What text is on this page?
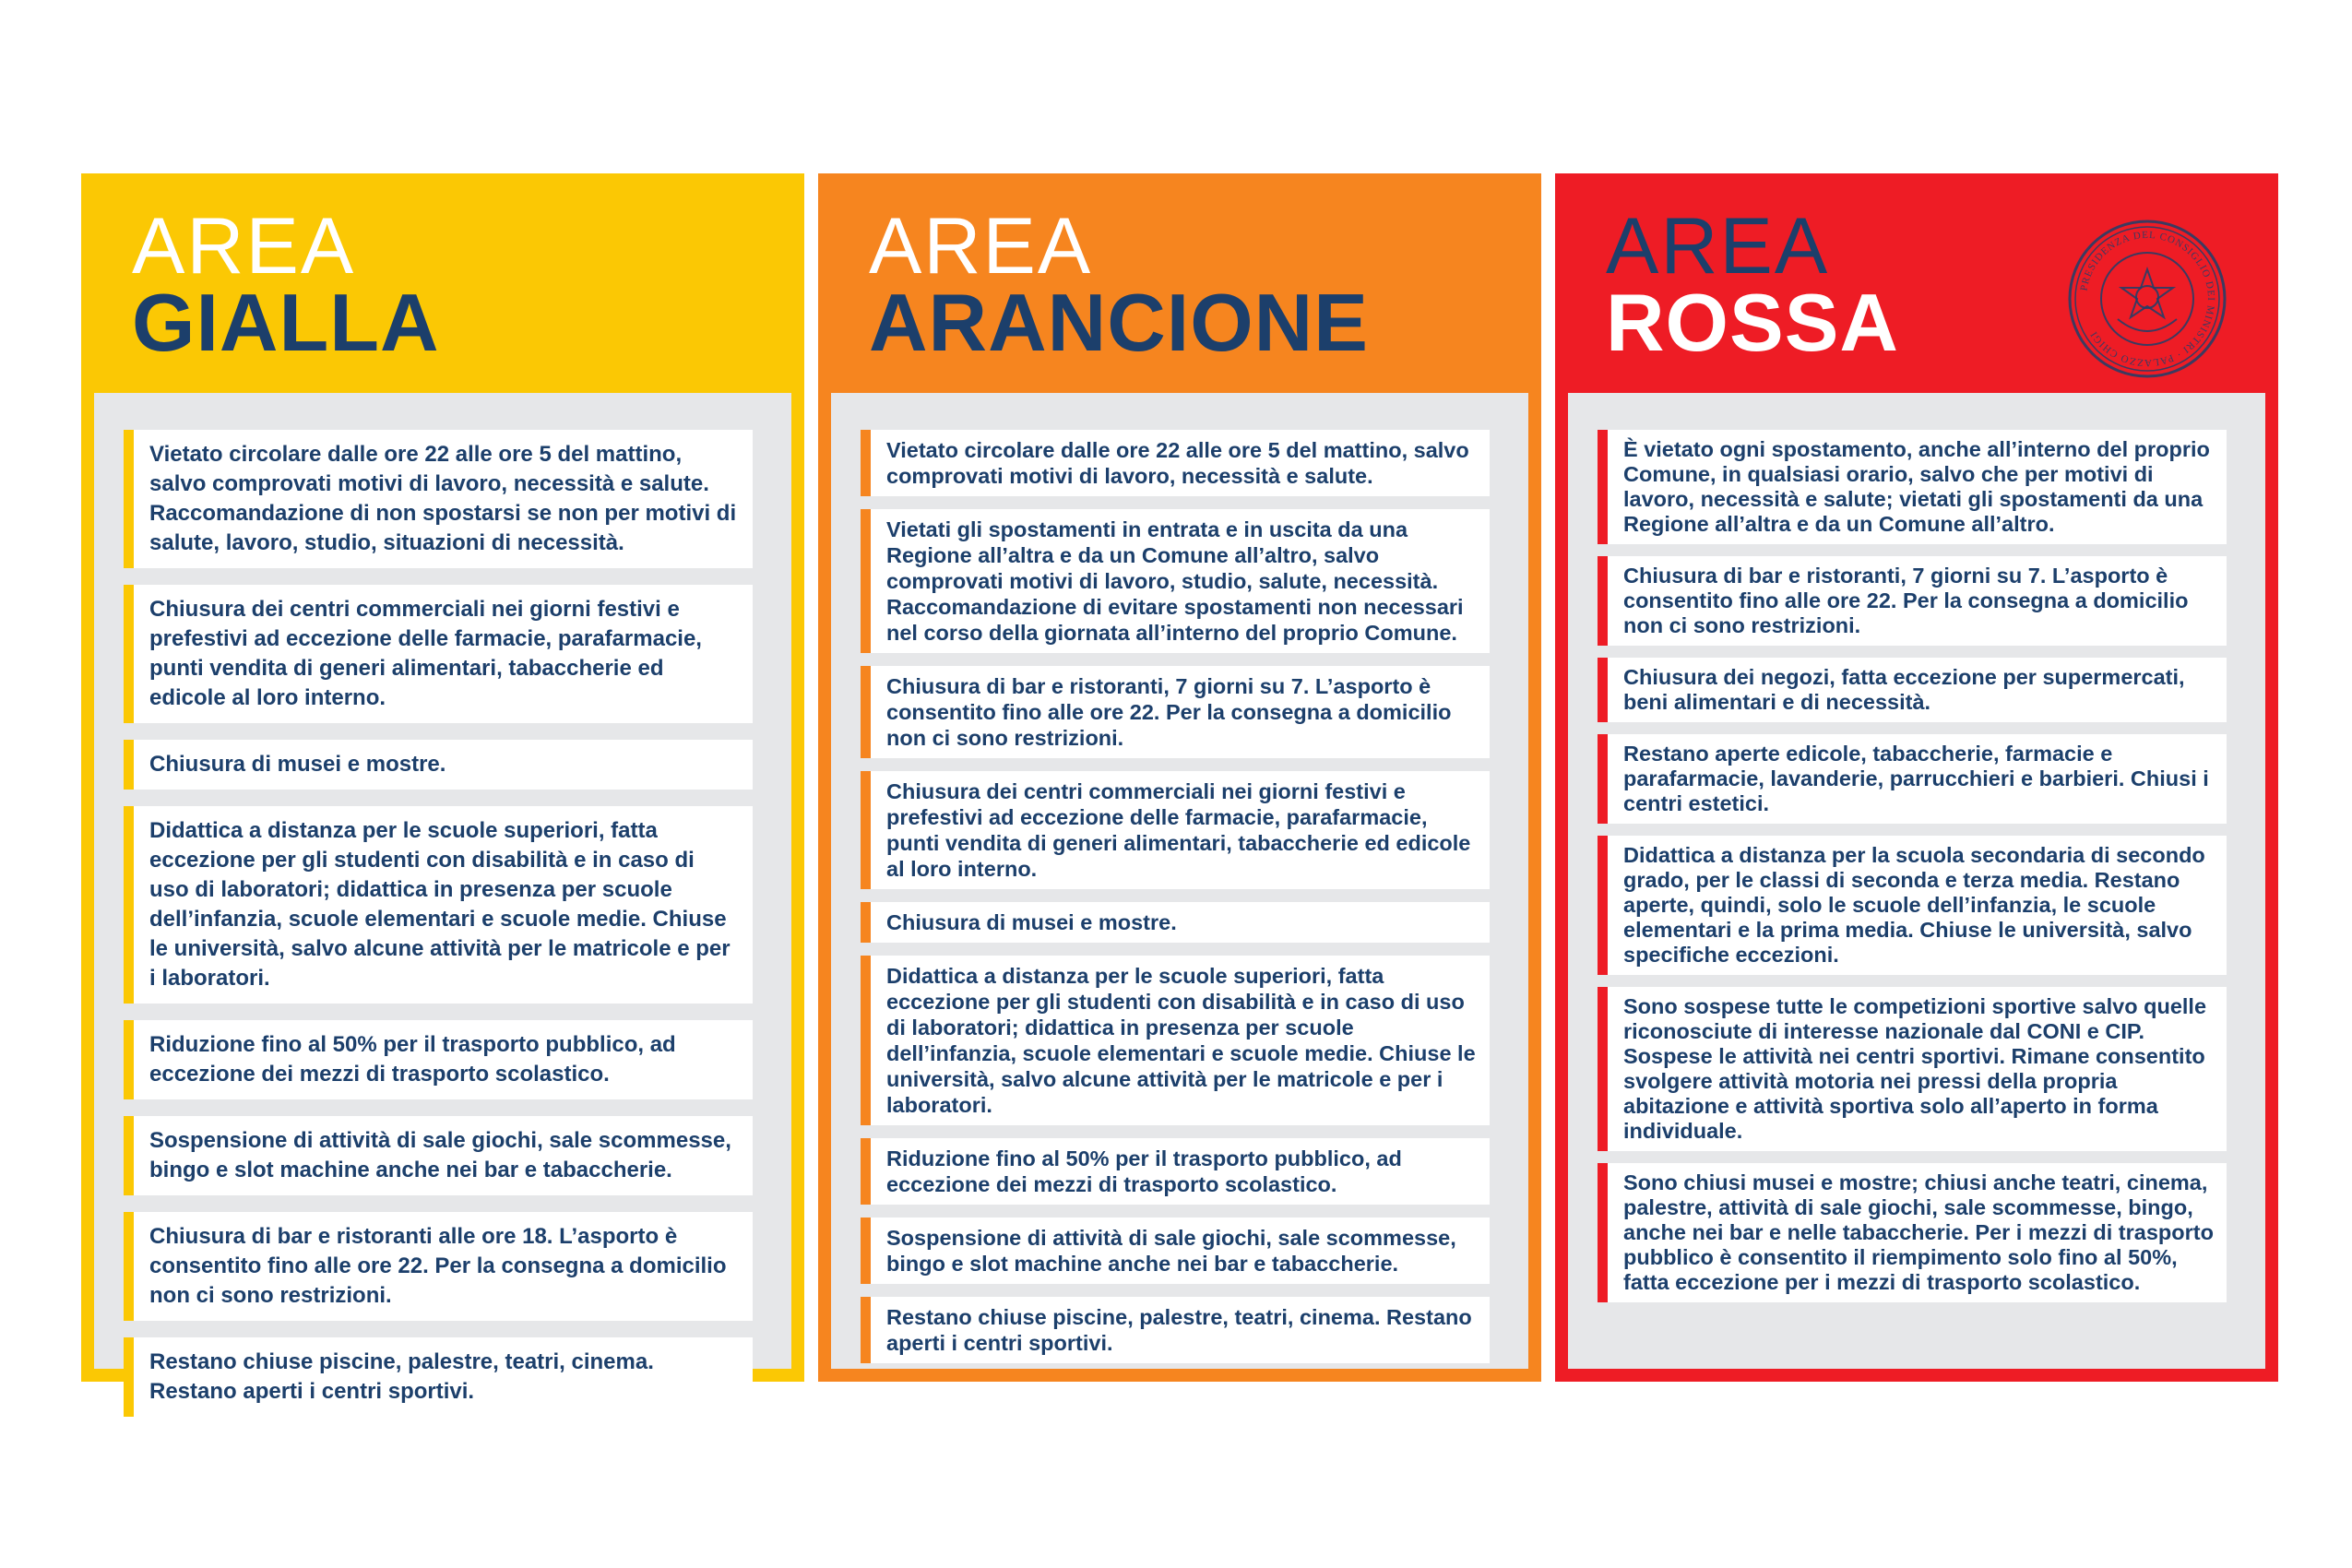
AREA
GIALLA
Vietato circolare dalle ore 22 alle ore 5 del mattino, salvo comprovati motivi di lavoro, necessità e salute. Raccomandazione di non spostarsi se non per motivi di salute, lavoro, studio, situazioni di necessità.
Chiusura dei centri commerciali nei giorni festivi e prefestivi ad eccezione delle farmacie, parafarmacie, punti vendita di generi alimentari, tabaccherie ed edicole al loro interno.
Chiusura di musei e mostre.
Didattica a distanza per le scuole superiori, fatta eccezione per gli studenti con disabilità e in caso di uso di laboratori; didattica in presenza per scuole dell’infanzia, scuole elementari e scuole medie. Chiuse le università, salvo alcune attività per le matricole e per i laboratori.
Riduzione fino al 50% per il trasporto pubblico, ad eccezione dei mezzi di trasporto scolastico.
Sospensione di attività di sale giochi, sale scommesse, bingo e slot machine anche nei bar e tabaccherie.
Chiusura di bar e ristoranti alle ore 18. L’asporto è consentito fino alle ore 22. Per la consegna a domicilio non ci sono restrizioni.
Restano chiuse piscine, palestre, teatri, cinema. Restano aperti i centri sportivi.
AREA
ARANCIONE
Vietato circolare dalle ore 22 alle ore 5 del mattino, salvo comprovati motivi di lavoro, necessità e salute.
Vietati gli spostamenti in entrata e in uscita da una Regione all’altra e da un Comune all’altro, salvo comprovati motivi di lavoro, studio, salute, necessità. Raccomandazione di evitare spostamenti non necessari nel corso della giornata all’interno del proprio Comune.
Chiusura di bar e ristoranti, 7 giorni su 7. L’asporto è consentito fino alle ore 22. Per la consegna a domicilio non ci sono restrizioni.
Chiusura dei centri commerciali nei giorni festivi e prefestivi ad eccezione delle farmacie, parafarmacie, punti vendita di generi alimentari, tabaccherie ed edicole al loro interno.
Chiusura di musei e mostre.
Didattica a distanza per le scuole superiori, fatta eccezione per gli studenti con disabilità e in caso di uso di laboratori; didattica in presenza per scuole dell’infanzia, scuole elementari e scuole medie. Chiuse le università, salvo alcune attività per le matricole e per i laboratori.
Riduzione fino al 50% per il trasporto pubblico, ad eccezione dei mezzi di trasporto scolastico.
Sospensione di attività di sale giochi, sale scommesse, bingo e slot machine anche nei bar e tabaccherie.
Restano chiuse piscine, palestre, teatri, cinema. Restano aperti i centri sportivi.
AREA
ROSSA	PRESIDENZA DEL CONSIGLIO DEI MINISTRI · PALAZZO CHIGI
È vietato ogni spostamento, anche all’interno del proprio Comune, in qualsiasi orario, salvo che per motivi di lavoro, necessità e salute; vietati gli spostamenti da una Regione all’altra e da un Comune all’altro.
Chiusura di bar e ristoranti, 7 giorni su 7. L’asporto è consentito fino alle ore 22. Per la consegna a domicilio non ci sono restrizioni.
Chiusura dei negozi, fatta eccezione per supermercati, beni alimentari e di necessità.
Restano aperte edicole, tabaccherie, farmacie e parafarmacie, lavanderie, parrucchieri e barbieri. Chiusi i centri estetici.
Didattica a distanza per la scuola secondaria di secondo grado, per le classi di seconda e terza media. Restano aperte, quindi, solo le scuole dell’infanzia, le scuole elementari e la prima media. Chiuse le università, salvo specifiche eccezioni.
Sono sospese tutte le competizioni sportive salvo quelle riconosciute di interesse nazionale dal CONI e CIP. Sospese le attività nei centri sportivi. Rimane consentito svolgere attività motoria nei pressi della propria abitazione e attività sportiva solo all’aperto in forma individuale.
Sono chiusi musei e mostre; chiusi anche teatri, cinema, palestre, attività di sale giochi, sale scommesse, bingo, anche nei bar e nelle tabaccherie. Per i mezzi di trasporto pubblico è consentito il riempimento solo fino al 50%, fatta eccezione per i mezzi di trasporto scolastico.
